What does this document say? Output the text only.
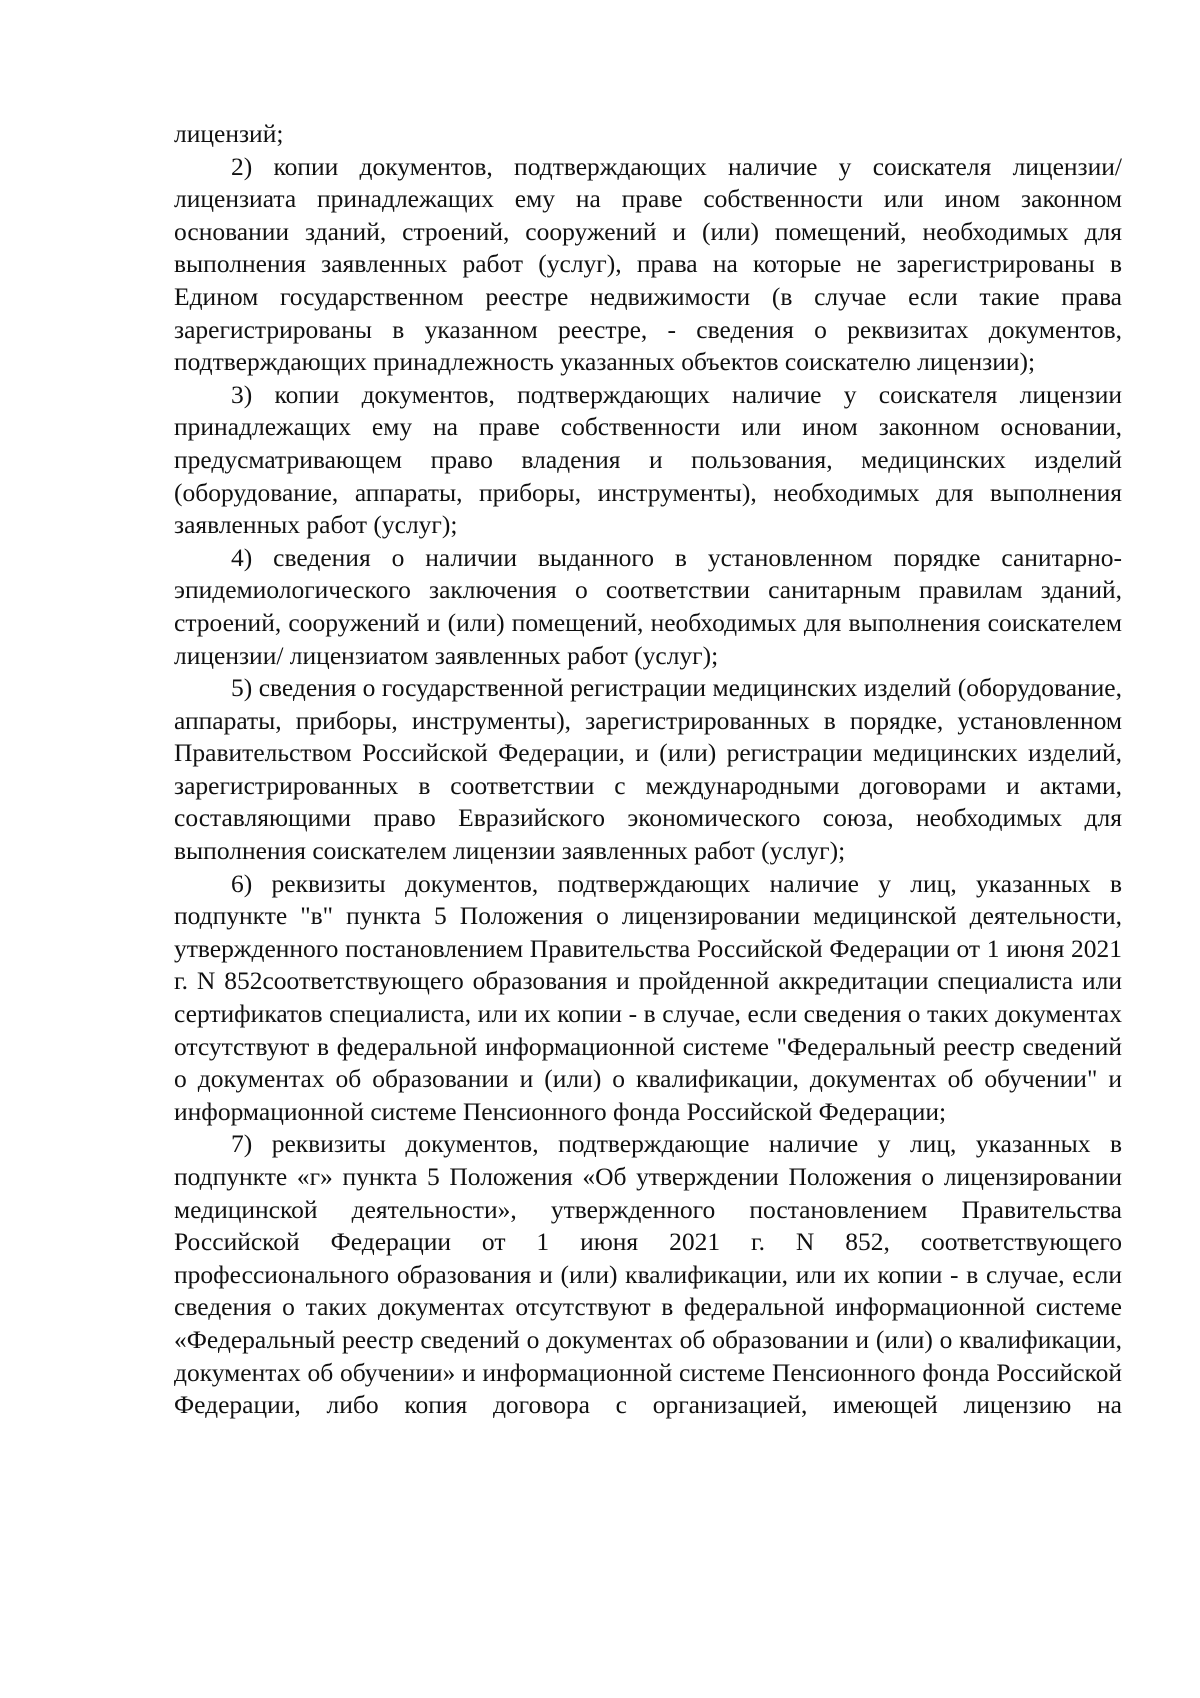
лицензий;

2) копии документов, подтверждающих наличие у соискателя лицензии/лицензиата принадлежащих ему на праве собственности или ином законном основании зданий, строений, сооружений и (или) помещений, необходимых для выполнения заявленных работ (услуг), права на которые не зарегистрированы в Едином государственном реестре недвижимости (в случае если такие права зарегистрированы в указанном реестре, - сведения о реквизитах документов, подтверждающих принадлежность указанных объектов соискателю лицензии);

3) копии документов, подтверждающих наличие у соискателя лицензии принадлежащих ему на праве собственности или ином законном основании, предусматривающем право владения и пользования, медицинских изделий (оборудование, аппараты, приборы, инструменты), необходимых для выполнения заявленных работ (услуг);

4) сведения о наличии выданного в установленном порядке санитарно-эпидемиологического заключения о соответствии санитарным правилам зданий, строений, сооружений и (или) помещений, необходимых для выполнения соискателем лицензии/ лицензиатом заявленных работ (услуг);

5) сведения о государственной регистрации медицинских изделий (оборудование, аппараты, приборы, инструменты), зарегистрированных в порядке, установленном Правительством Российской Федерации, и (или) регистрации медицинских изделий, зарегистрированных в соответствии с международными договорами и актами, составляющими право Евразийского экономического союза, необходимых для выполнения соискателем лицензии заявленных работ (услуг);

6) реквизиты документов, подтверждающих наличие у лиц, указанных в подпункте "в" пункта 5 Положения о лицензировании медицинской деятельности, утвержденного постановлением Правительства Российской Федерации от 1 июня 2021 г. N 852соответствующего образования и пройденной аккредитации специалиста или сертификатов специалиста, или их копии - в случае, если сведения о таких документах отсутствуют в федеральной информационной системе "Федеральный реестр сведений о документах об образовании и (или) о квалификации, документах об обучении" и информационной системе Пенсионного фонда Российской Федерации;

7) реквизиты документов, подтверждающие наличие у лиц, указанных в подпункте «г» пункта 5 Положения «Об утверждении Положения о лицензировании медицинской деятельности», утвержденного постановлением Правительства Российской Федерации от 1 июня 2021 г. N 852, соответствующего профессионального образования и (или) квалификации, или их копии - в случае, если сведения о таких документах отсутствуют в федеральной информационной системе «Федеральный реестр сведений о документах об образовании и (или) о квалификации, документах об обучении» и информационной системе Пенсионного фонда Российской Федерации, либо копия договора с организацией, имеющей лицензию на
